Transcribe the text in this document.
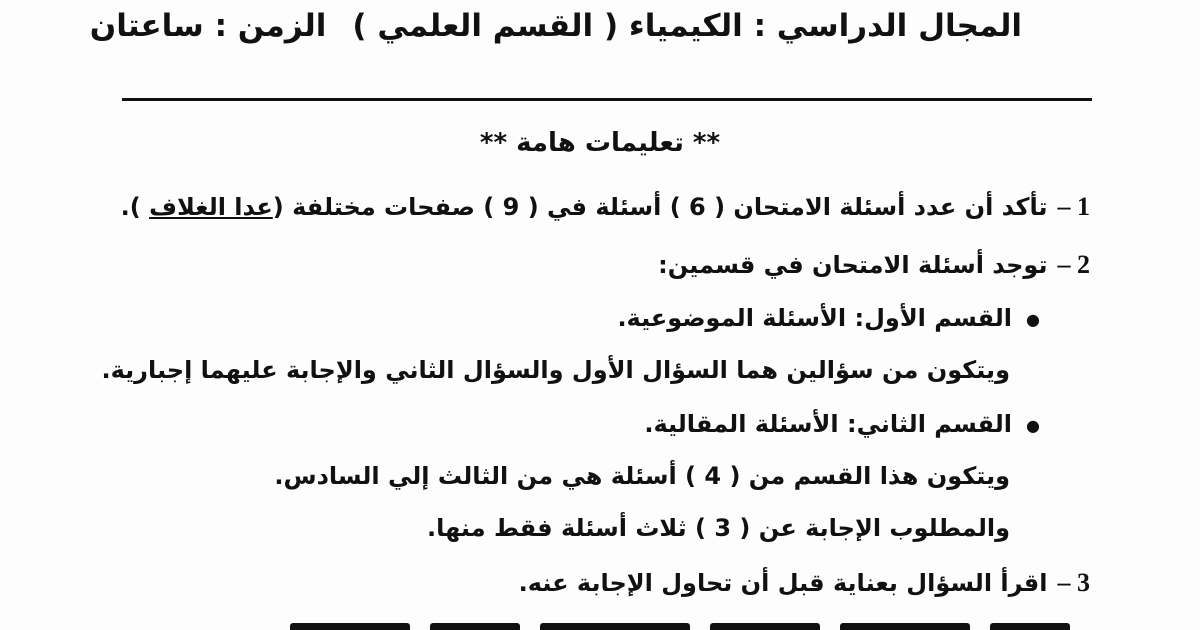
المجال الدراسي : الكيمياء ( القسم العلمي )الزمن : ساعتان
** تعليمات هامة **
1 –تأكد أن عدد أسئلة الامتحان ( 6 ) أسئلة في ( 9 ) صفحات مختلفة (عدا الغلاف ).
2 –توجد أسئلة الامتحان في قسمين:
●القسم الأول: الأسئلة الموضوعية.
ويتكون من سؤالين هما السؤال الأول والسؤال الثاني والإجابة عليهما إجبارية.
●القسم الثاني: الأسئلة المقالية.
ويتكون هذا القسم من ( 4 ) أسئلة هي من الثالث إلي السادس.
والمطلوب الإجابة عن ( 3 ) ثلاث أسئلة فقط منها.
3 –اقرأ السؤال بعناية قبل أن تحاول الإجابة عنه.
